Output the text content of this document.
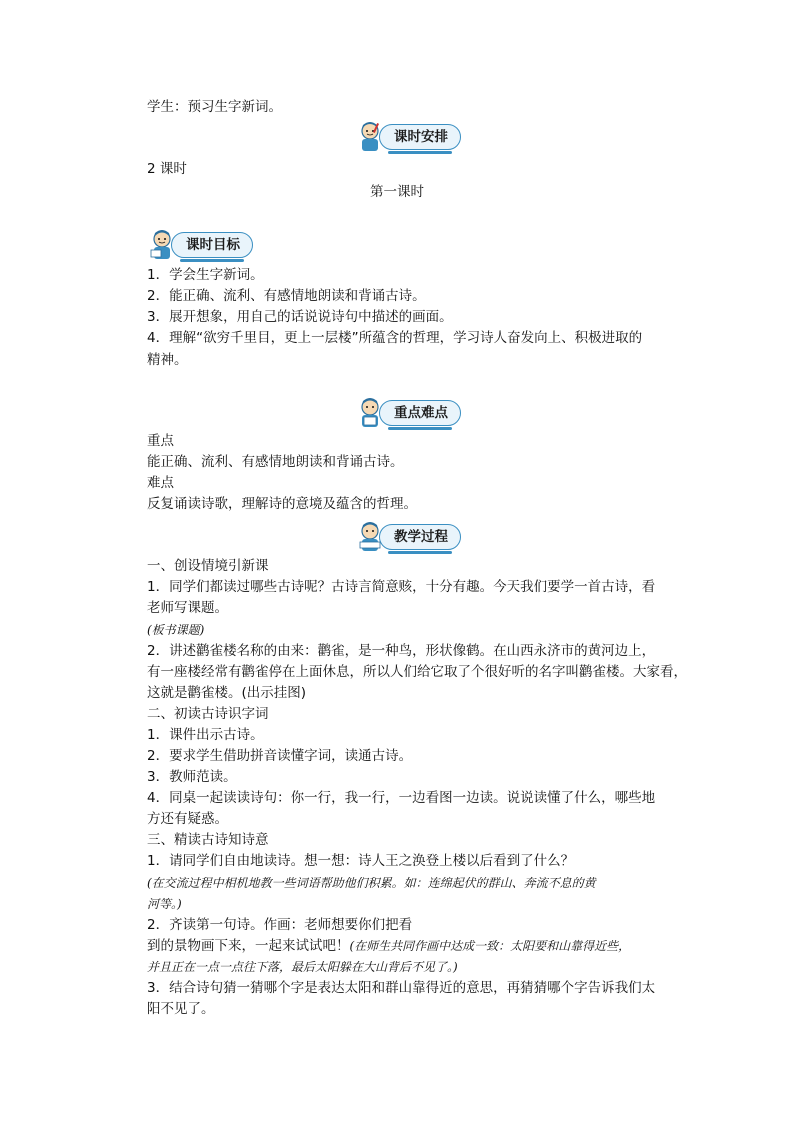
学生：预习生字新词。
课时安排
2 课时
第一课时
课时目标
1．学会生字新词。
2．能正确、流利、有感情地朗读和背诵古诗。
3．展开想象，用自己的话说说诗句中描述的画面。
4．理解“欲穷千里目，更上一层楼”所蕴含的哲理，学习诗人奋发向上、积极进取的
精神。
重点难点
重点
能正确、流利、有感情地朗读和背诵古诗。
难点
反复诵读诗歌，理解诗的意境及蕴含的哲理。
教学过程
一、创设情境引新课
1．同学们都读过哪些古诗呢？古诗言简意赅，十分有趣。今天我们要学一首古诗，看
老师写课题。
(板书课题)
2．讲述鹳雀楼名称的由来：鹳雀，是一种鸟，形状像鹤。在山西永济市的黄河边上，
有一座楼经常有鹳雀停在上面休息，所以人们给它取了个很好听的名字叫鹳雀楼。大家看，
这就是鹳雀楼。(出示挂图)
二、初读古诗识字词
1．课件出示古诗。
2．要求学生借助拼音读懂字词，读通古诗。
3．教师范读。
4．同桌一起读读诗句：你一行，我一行，一边看图一边读。说说读懂了什么，哪些地
方还有疑惑。
三、精读古诗知诗意
1．请同学们自由地读诗。想一想：诗人王之涣登上楼以后看到了什么？
(在交流过程中相机地教一些词语帮助他们积累。如：连绵起伏的群山、奔流不息的黄
河等。)
2．齐读第一句诗。作画：老师想要你们把看
到的景物画下来，一起来试试吧！(在师生共同作画中达成一致：太阳要和山靠得近些，
并且正在一点一点往下落，最后太阳躲在大山背后不见了。)
3．结合诗句猜一猜哪个字是表达太阳和群山靠得近的意思，再猜猜哪个字告诉我们太
阳不见了。
